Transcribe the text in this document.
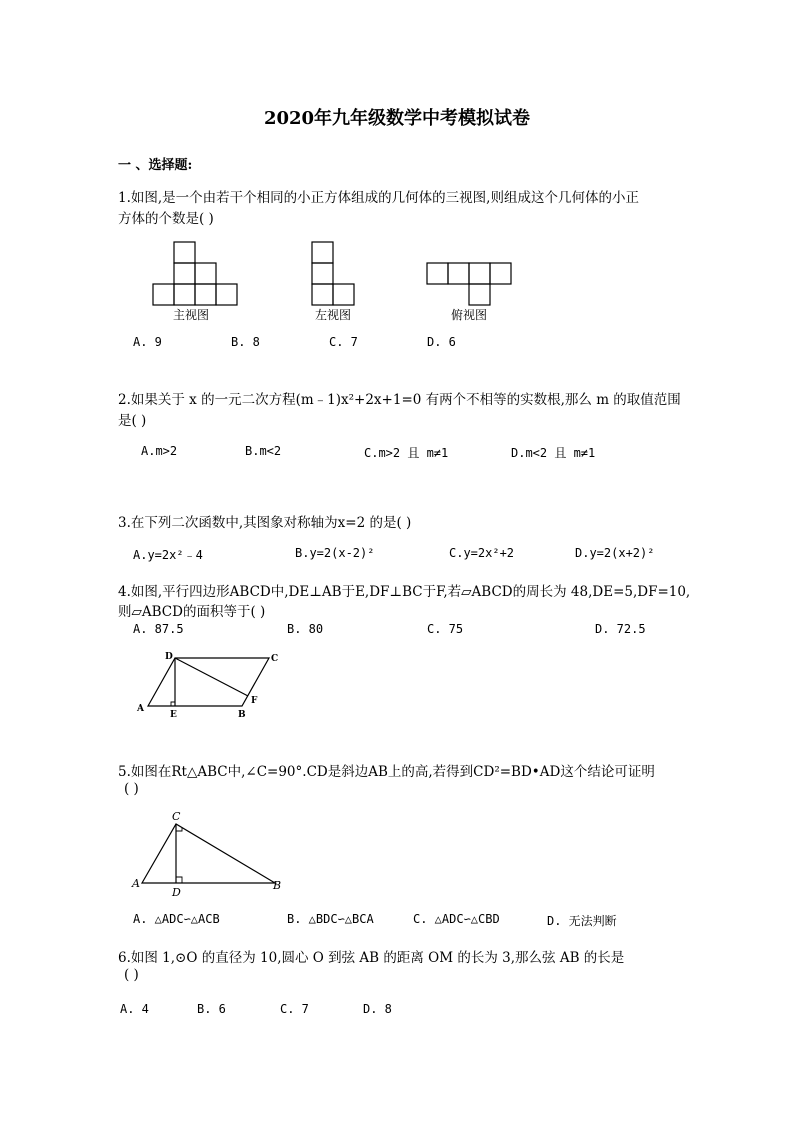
2020年九年级数学中考模拟试卷
一 、选择题:
1.如图,是一个由若干个相同的小正方体组成的几何体的三视图,则组成这个几何体的小正
方体的个数是( )
主视图	左视图	俯视图
A. 9	B. 8	C. 7	D. 6
2.如果关于 x 的一元二次方程(m﹣1)x²+2x+1=0 有两个不相等的实数根,那么 m 的取值范围
是( )
A.m>2	B.m<2	C.m>2 且 m≠1	D.m<2 且 m≠1
3.在下列二次函数中,其图象对称轴为x=2 的是( )
A.y=2x²﹣4	B.y=2(x-2)²	C.y=2x²+2	D.y=2(x+2)²
4.如图,平行四边形ABCD中,DE⊥AB于E,DF⊥BC于F,若▱ABCD的周长为 48,DE=5,DF=10,
则▱ABCD的面积等于( )
A. 87.5	B. 80	C. 75	D. 72.5
D	C
A
E	B
F
5.如图在Rt△ABC中,∠C=90°.CD是斜边AB上的高,若得到CD²=BD•AD这个结论可证明
( )
C
A
D
B
A. △ADC∽△ACB	B. △BDC∽△BCA	C. △ADC∽△CBD	D. 无法判断
6.如图 1,⊙O 的直径为 10,圆心 O 到弦 AB 的距离 OM 的长为 3,那么弦 AB 的长是
( )
A. 4	B. 6	C. 7	D. 8
